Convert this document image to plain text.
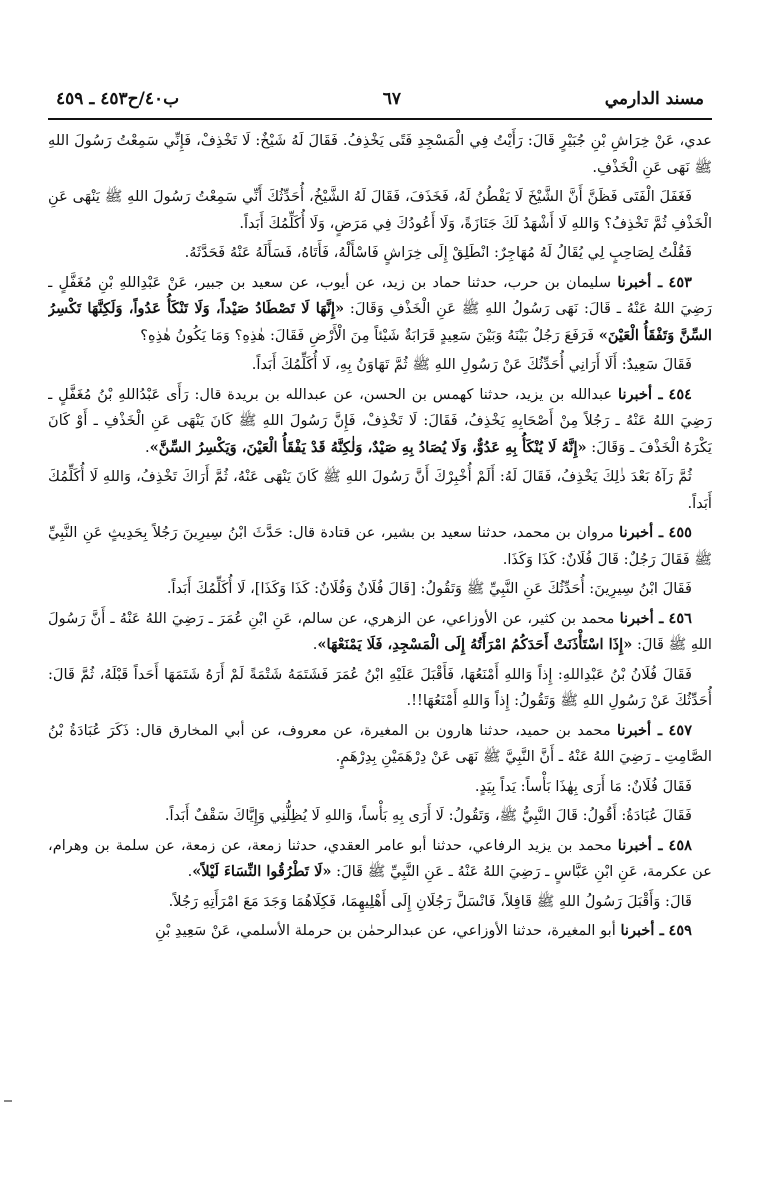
مسند الدارمي
٦٧
ب٤٠/ح٤٥٣ ـ ٤٥٩

عدي، عَنْ خِرَاشِ بْنِ جُبَيْرٍ قَالَ: رَأَيْتُ فِي الْمَسْجِدِ فَتًى يَخْذِفُ. فَقَالَ لَهُ شَيْخٌ: لَا تَخْذِفْ، فَإِنِّي سَمِعْتُ رَسُولَ اللهِ ﷺ نَهَى عَنِ الْخَذْفِ.

فَغَفَلَ الْفَتَى فَظَنَّ أَنَّ الشَّيْخَ لَا يَفْطُنُ لَهُ، فَخَذَفَ، فَقَالَ لَهُ الشَّيْخُ، أُحَدِّثُكَ أَنِّي سَمِعْتُ رَسُولَ اللهِ ﷺ يَنْهَى عَنِ الْخَذْفِ ثُمَّ تَخْذِفُ؟ وَاللهِ لَا أَشْهَدُ لَكَ جَنَازَةً، وَلَا أَعُودُكَ فِي مَرَضٍ، وَلَا أُكَلِّمُكَ أَبَداً.

فَقُلْتُ لِصَاحِبٍ لِي يُقَالُ لَهُ مُهَاجِرٌ: انْطَلِقْ إِلَى خِرَاشٍ فَاسْأَلْهُ، فَأَتَاهُ، فَسَأَلَهُ عَنْهُ فَحَدَّثَهُ.

٤٥٣ ـ أخبرنا سليمان بن حرب، حدثنا حماد بن زيد، عن أيوب، عن سعيد بن جبير، عَنْ عَبْدِاللهِ بْنِ مُغَفَّلٍ ـ رَضِيَ اللهُ عَنْهُ ـ قَالَ: نَهَى رَسُولُ اللهِ ﷺ عَنِ الْخَذْفِ وَقَالَ: «إِنَّهَا لَا تَصْطَادُ صَيْداً، وَلَا تَنْكَأُ عَدُواً، وَلَكِنَّهَا تَكْسِرُ السِّنَّ وَتَفْقَأُ الْعَيْنَ» فَرَفَعَ رَجُلٌ بَيْنَهُ وَبَيْنَ سَعِيدٍ قَرَابَةٌ شَيْئاً مِنَ الْأَرْضِ فَقَالَ: هٰذِهِ؟ وَمَا يَكُونُ هٰذِهِ؟

فَقَالَ سَعِيدٌ: أَلَا أَرَانِي أُحَدِّثُكَ عَنْ رَسُولِ اللهِ ﷺ ثُمَّ تَهَاوَنُ بِهِ، لَا أُكَلِّمُكَ أَبَداً.

٤٥٤ ـ أخبرنا عبدالله بن يزيد، حدثنا كهمس بن الحسن، عن عبدالله بن بريدة قال: رَأَى عَبْدُاللهِ بْنُ مُغَفَّلٍ ـ رَضِيَ اللهُ عَنْهُ ـ رَجُلاً مِنْ أَصْحَابِهِ يَخْذِفُ، فَقَالَ: لَا تَخْذِفْ، فَإِنَّ رَسُولَ اللهِ ﷺ كَانَ يَنْهَى عَنِ الْخَذْفِ ـ أَوْ كَانَ يَكْرَهُ الْخَذْفَ ـ وَقَالَ: «إِنَّهُ لَا يُنْكَأُ بِهِ عَدُوٌّ، وَلَا يُصَادُ بِهِ صَيْدٌ، وَلٰكِنَّهُ قَدْ يَفْقَأُ الْعَيْنَ، وَيَكْسِرُ السِّنَّ».

ثُمَّ رَآهُ بَعْدَ ذٰلِكَ يَخْذِفُ، فَقَالَ لَهُ: أَلَمْ أُخْبِرْكَ أَنَّ رَسُولَ اللهِ ﷺ كَانَ يَنْهَى عَنْهُ، ثُمَّ أَرَاكَ تَخْذِفُ، وَاللهِ لَا أُكَلِّمُكَ أَبَداً.

٤٥٥ ـ أخبرنا مروان بن محمد، حدثنا سعيد بن بشير، عن قتادة قال: حَدَّثَ ابْنُ سِيرِينَ رَجُلاً بِحَدِيثٍ عَنِ النَّبِيِّ ﷺ فَقَالَ رَجُلٌ: قَالَ فُلَانٌ: كَذَا وَكَذَا.

فَقَالَ ابْنُ سِيرِينَ: أُحَدِّثُكَ عَنِ النَّبِيِّ ﷺ وَتَقُولُ: [قَالَ فُلَانٌ وَفُلَانٌ: كَذَا وَكَذَا]، لَا أُكَلِّمُكَ أَبَداً.

٤٥٦ ـ أخبرنا محمد بن كثير، عن الأوزاعي، عن الزهري، عن سالم، عَنِ ابْنِ عُمَرَ ـ رَضِيَ اللهُ عَنْهُ ـ أَنَّ رَسُولَ اللهِ ﷺ قَالَ: «إِذَا اسْتَأْذَنَتْ أَحَدَكُمُ امْرَأَتُهُ إِلَى الْمَسْجِدِ، فَلَا يَمْنَعْهَا».

فَقَالَ فُلَانُ بْنُ عَبْدِاللهِ: إِذاً وَاللهِ أَمْنَعُهَا، فَأَقْبَلَ عَلَيْهِ ابْنُ عُمَرَ فَشَتَمَهُ شَتْمَةً لَمْ أَرَهُ شَتَمَهَا أَحَداً قَبْلَهُ، ثُمَّ قَالَ: أُحَدِّثُكَ عَنْ رَسُولِ اللهِ ﷺ وَتَقُولُ: إِذاً وَاللهِ أَمْنَعُهَا!!.

٤٥٧ ـ أخبرنا محمد بن حميد، حدثنا هارون بن المغيرة، عن معروف، عن أبي المخارق قال: ذَكَرَ عُبَادَةُ بْنُ الصَّامِتِ ـ رَضِيَ اللهُ عَنْهُ ـ أَنَّ النَّبِيَّ ﷺ نَهَى عَنْ دِرْهَمَيْنِ بِدِرْهَمٍ.

فَقَالَ فُلَانٌ: مَا أَرَى بِهٰذَا بَأْساً: يَداً بِيَدٍ.

فَقَالَ عُبَادَةُ: أَقُولُ: قَالَ النَّبِيُّ ﷺ، وَتَقُولُ: لَا أَرَى بِهِ بَأْساً، وَاللهِ لَا يُظِلُّنِي وَإِيَّاكَ سَقْفٌ أَبَداً.

٤٥٨ ـ أخبرنا محمد بن يزيد الرفاعي، حدثنا أبو عامر العقدي، حدثنا زمعة، عن زمعة، عن سلمة بن وهرام، عن عكرمة، عَنِ ابْنِ عَبَّاسٍ ـ رَضِيَ اللهُ عَنْهُ ـ عَنِ النَّبِيِّ ﷺ قَالَ: «لَا تَطْرُقُوا النِّسَاءَ لَيْلاً».

قَالَ: وَأَقْبَلَ رَسُولُ اللهِ ﷺ قَافِلاً، فَانْسَلَّ رَجُلَانِ إِلَى أَهْلِيهِمَا، فَكِلَاهُمَا وَجَدَ مَعَ امْرَأَتِهِ رَجُلاً.

٤٥٩ ـ أخبرنا أبو المغيرة، حدثنا الأوزاعي، عن عبدالرحمٰن بن حرملة الأسلمي، عَنْ سَعِيدِ بْنِ
